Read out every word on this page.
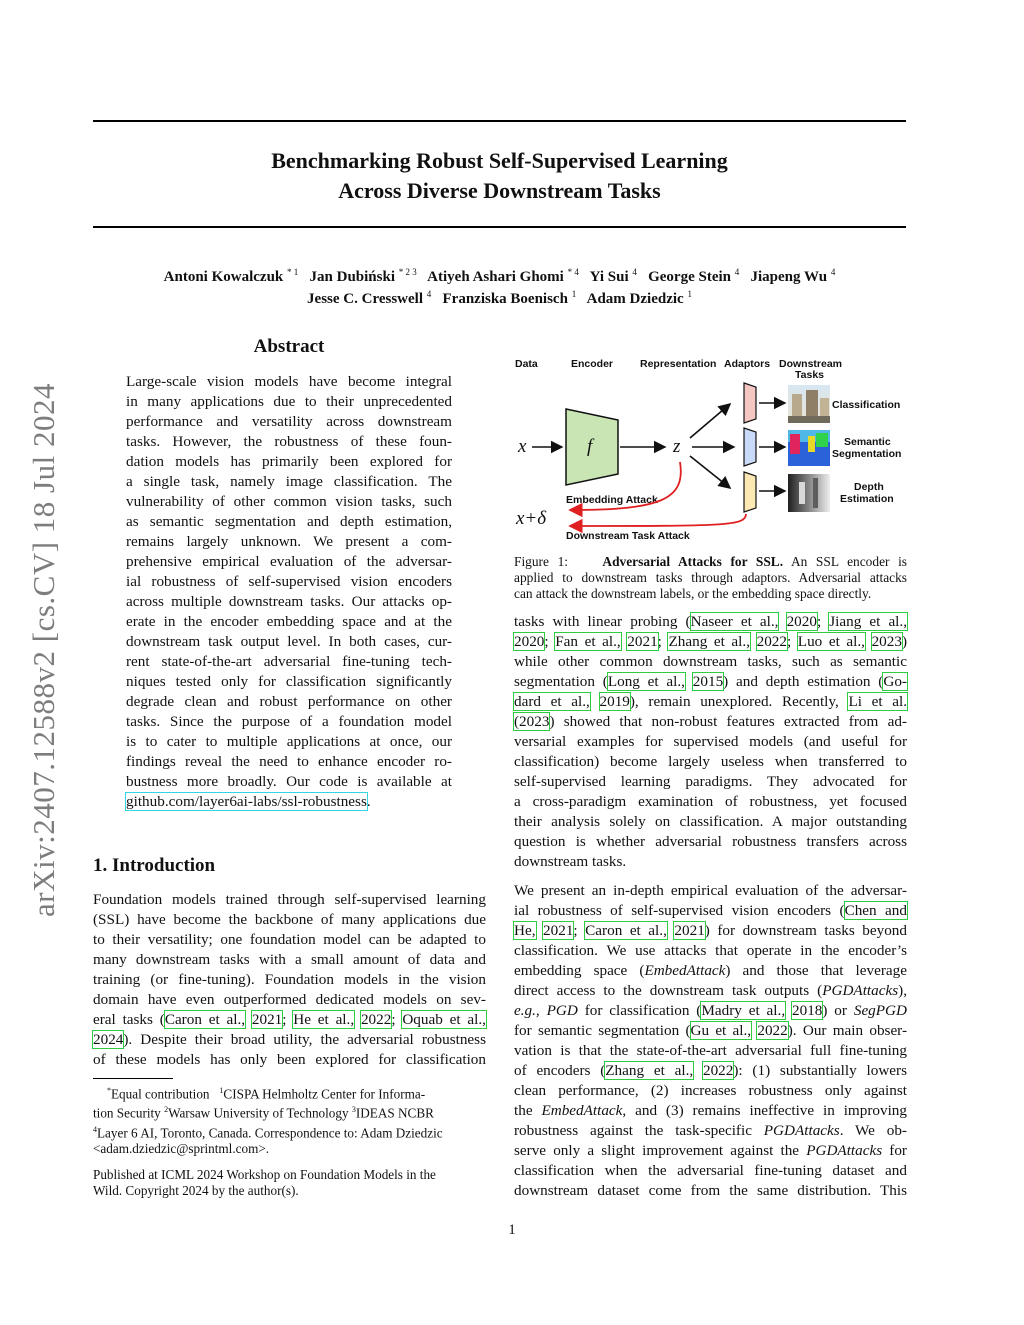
Benchmarking Robust Self-Supervised Learning
Across Diverse Downstream Tasks
Antoni Kowalczuk $^{* 1}$ Jan Dubiński $^{* 2 3}$ Atiyeh Ashari Ghomi $^{* 4}$ Yi Sui $^4$ George Stein $^4$ Jiapeng Wu $^4$
Jesse C. Cresswell $^4$ Franziska Boenisch $^1$ Adam Dziedzic $^1$
arXiv:2407.12588v2 [cs.CV] 18 Jul 2024
Abstract
Large-scale vision models have become integral
in many applications due to their unprecedented
performance and versatility across downstream
tasks. However, the robustness of these foun-
dation models has primarily been explored for
a single task, namely image classification. The
vulnerability of other common vision tasks, such
as semantic segmentation and depth estimation,
remains largely unknown. We present a com-
prehensive empirical evaluation of the adversar-
ial robustness of self-supervised vision encoders
across multiple downstream tasks. Our attacks op-
erate in the encoder embedding space and at the
downstream task output level. In both cases, cur-
rent state-of-the-art adversarial fine-tuning tech-
niques tested only for classification significantly
degrade clean and robust performance on other
tasks. Since the purpose of a foundation model
is to cater to multiple applications at once, our
findings reveal the need to enhance encoder ro-
bustness more broadly. Our code is available at
github.com/layer6ai-labs/ssl-robustness.
1. Introduction
Foundation models trained through self-supervised learning
(SSL) have become the backbone of many applications due
to their versatility; one foundation model can be adapted to
many downstream tasks with a small amount of data and
training (or fine-tuning). Foundation models in the vision
domain have even outperformed dedicated models on sev-
eral tasks (Caron et al., 2021; He et al., 2022; Oquab et al.,
2024). Despite their broad utility, the adversarial robustness
of these models has only been explored for classification
*Equal contribution $^1$CISPA Helmholtz Center for Informa-
tion Security $^2$Warsaw University of Technology $^3$IDEAS NCBR
$^4$Layer 6 AI, Toronto, Canada. Correspondence to: Adam Dziedzic
<adam.dziedzic@sprintml.com>.
Published at ICML 2024 Workshop on Foundation Models in the
Wild. Copyright 2024 by the author(s).
Data	Encoder	Representation Adaptors Downstream
Tasks
x	f	z
Classification
Semantic
Segmentation
Depth
Estimation
Embedding Attack
x+δ
Downstream Task Attack
Figure 1:	Adversarial Attacks for SSL. An SSL encoder is
applied to downstream tasks through adaptors. Adversarial attacks
can attack the downstream labels, or the embedding space directly.
tasks with linear probing (Naseer et al., 2020; Jiang et al.,
2020; Fan et al., 2021; Zhang et al., 2022; Luo et al., 2023)
while other common downstream tasks, such as semantic
segmentation (Long et al., 2015) and depth estimation (Go-
dard et al., 2019), remain unexplored. Recently, Li et al.
(2023) showed that non-robust features extracted from ad-
versarial examples for supervised models (and useful for
classification) become largely useless when transferred to
self-supervised learning paradigms. They advocated for
a cross-paradigm examination of robustness, yet focused
their analysis solely on classification. A major outstanding
question is whether adversarial robustness transfers across
downstream tasks.
We present an in-depth empirical evaluation of the adversar-
ial robustness of self-supervised vision encoders (Chen and
He, 2021; Caron et al., 2021) for downstream tasks beyond
classification. We use attacks that operate in the encoder’s
embedding space (EmbedAttack) and those that leverage
direct access to the downstream task outputs (PGDAttacks),
e.g., PGD for classification (Madry et al., 2018) or SegPGD
for semantic segmentation (Gu et al., 2022). Our main obser-
vation is that the state-of-the-art adversarial full fine-tuning
of encoders (Zhang et al., 2022): (1) substantially lowers
clean performance, (2) increases robustness only against
the EmbedAttack, and (3) remains ineffective in improving
robustness against the task-specific PGDAttacks. We ob-
serve only a slight improvement against the PGDAttacks for
classification when the adversarial fine-tuning dataset and
downstream dataset come from the same distribution. This
1
